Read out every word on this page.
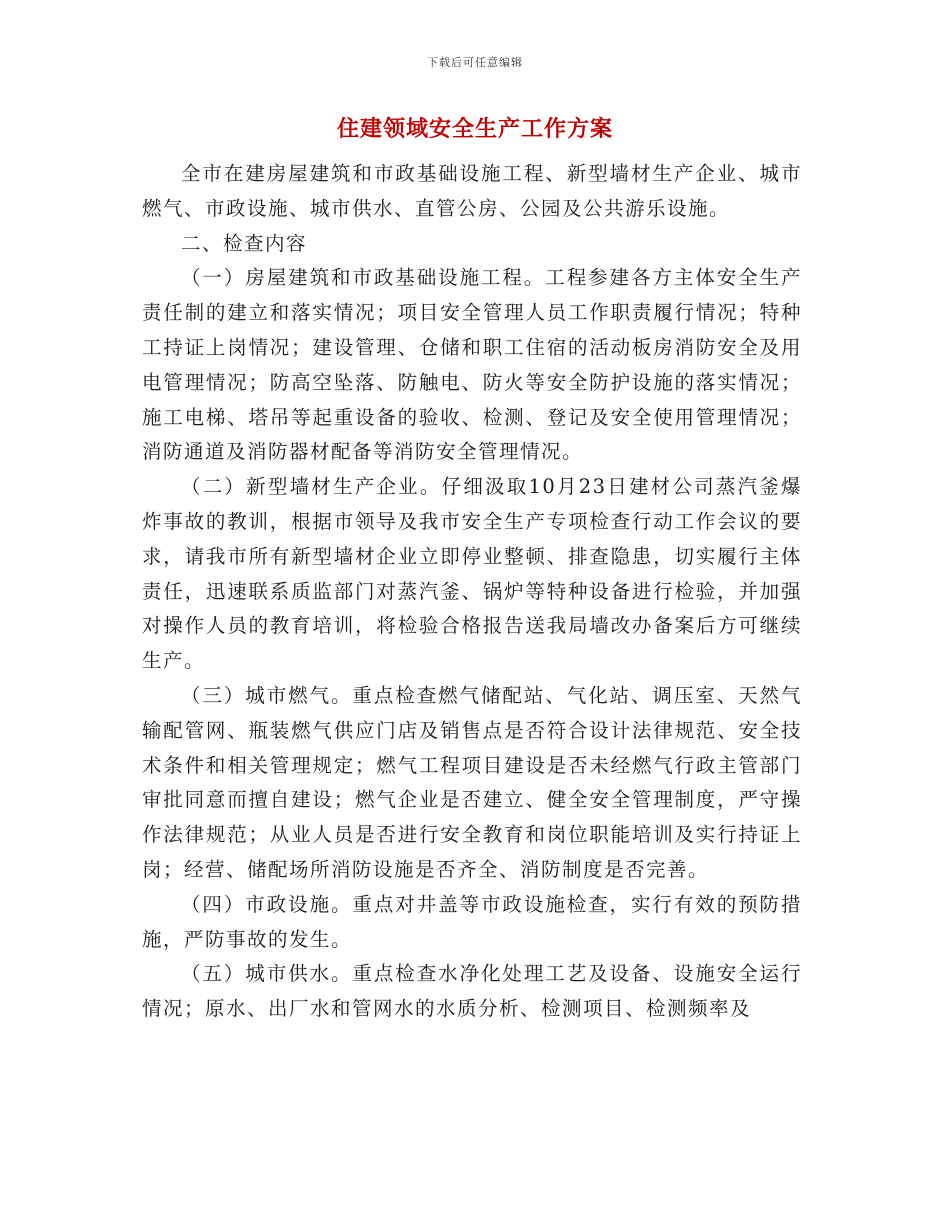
下载后可任意编辑
住建领域安全生产工作方案

全市在建房屋建筑和市政基础设施工程、新型墙材生产企业、城市燃气、市政设施、城市供水、直管公房、公园及公共游乐设施。

二、检查内容

（一）房屋建筑和市政基础设施工程。工程参建各方主体安全生产责任制的建立和落实情况；项目安全管理人员工作职责履行情况；特种工持证上岗情况；建设管理、仓储和职工住宿的活动板房消防安全及用电管理情况；防高空坠落、防触电、防火等安全防护设施的落实情况；施工电梯、塔吊等起重设备的验收、检测、登记及安全使用管理情况；消防通道及消防器材配备等消防安全管理情况。

（二）新型墙材生产企业。仔细汲取10月23日建材公司蒸汽釜爆炸事故的教训，根据市领导及我市安全生产专项检查行动工作会议的要求，请我市所有新型墙材企业立即停业整顿、排查隐患，切实履行主体责任，迅速联系质监部门对蒸汽釜、锅炉等特种设备进行检验，并加强对操作人员的教育培训，将检验合格报告送我局墙改办备案后方可继续生产。

（三）城市燃气。重点检查燃气储配站、气化站、调压室、天然气输配管网、瓶装燃气供应门店及销售点是否符合设计法律规范、安全技术条件和相关管理规定；燃气工程项目建设是否未经燃气行政主管部门审批同意而擅自建设；燃气企业是否建立、健全安全管理制度，严守操作法律规范；从业人员是否进行安全教育和岗位职能培训及实行持证上岗；经营、储配场所消防设施是否齐全、消防制度是否完善。

（四）市政设施。重点对井盖等市政设施检查，实行有效的预防措施，严防事故的发生。

（五）城市供水。重点检查水净化处理工艺及设备、设施安全运行情况；原水、出厂水和管网水的水质分析、检测项目、检测频率及
